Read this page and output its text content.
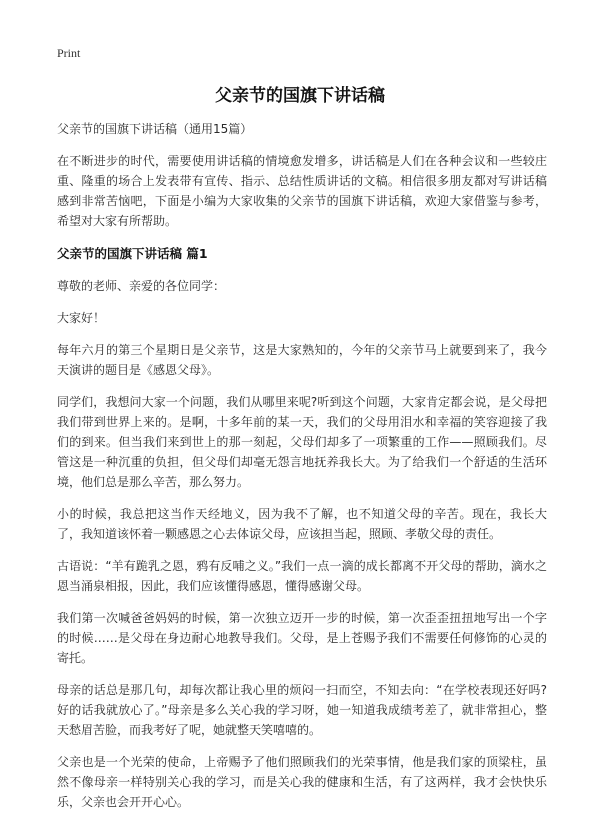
Print
父亲节的国旗下讲话稿

父亲节的国旗下讲话稿（通用15篇）

在不断进步的时代，需要使用讲话稿的情境愈发增多，讲话稿是人们在各种会议和一些较庄重、隆重的场合上发表带有宣传、指示、总结性质讲话的文稿。相信很多朋友都对写讲话稿感到非常苦恼吧，下面是小编为大家收集的父亲节的国旗下讲话稿，欢迎大家借鉴与参考，希望对大家有所帮助。

父亲节的国旗下讲话稿 篇1

尊敬的老师、亲爱的各位同学：

大家好！

每年六月的第三个星期日是父亲节，这是大家熟知的，今年的父亲节马上就要到来了，我今天演讲的题目是《感恩父母》。

同学们，我想问大家一个问题，我们从哪里来呢?听到这个问题，大家肯定都会说，是父母把我们带到世界上来的。是啊，十多年前的某一天，我们的父母用泪水和幸福的笑容迎接了我们的到来。但当我们来到世上的那一刻起，父母们却多了一项繁重的工作——照顾我们。尽管这是一种沉重的负担，但父母们却毫无怨言地抚养我长大。为了给我们一个舒适的生活环境，他们总是那么辛苦，那么努力。

小的时候，我总把这当作天经地义，因为我不了解，也不知道父母的辛苦。现在，我长大了，我知道该怀着一颗感恩之心去体谅父母，应该担当起，照顾、孝敬父母的责任。

古语说：“羊有跪乳之恩，鸦有反哺之义。”我们一点一滴的成长都离不开父母的帮助，滴水之恩当涌泉相报，因此，我们应该懂得感恩，懂得感谢父母。

我们第一次喊爸爸妈妈的时候，第一次独立迈开一步的时候，第一次歪歪扭扭地写出一个字的时候……是父母在身边耐心地教导我们。父母，是上苍赐予我们不需要任何修饰的心灵的寄托。

母亲的话总是那几句，却每次都让我心里的烦闷一扫而空，不知去向：“在学校表现还好吗?好的话我就放心了。”母亲是多么关心我的学习呀，她一知道我成绩考差了，就非常担心，整天愁眉苦脸，而我考好了呢，她就整天笑嘻嘻的。

父亲也是一个光荣的使命，上帝赐予了他们照顾我们的光荣事情，他是我们家的顶梁柱，虽然不像母亲一样特别关心我的学习，而是关心我的健康和生活，有了这两样，我才会快快乐乐，父亲也会开开心心。
